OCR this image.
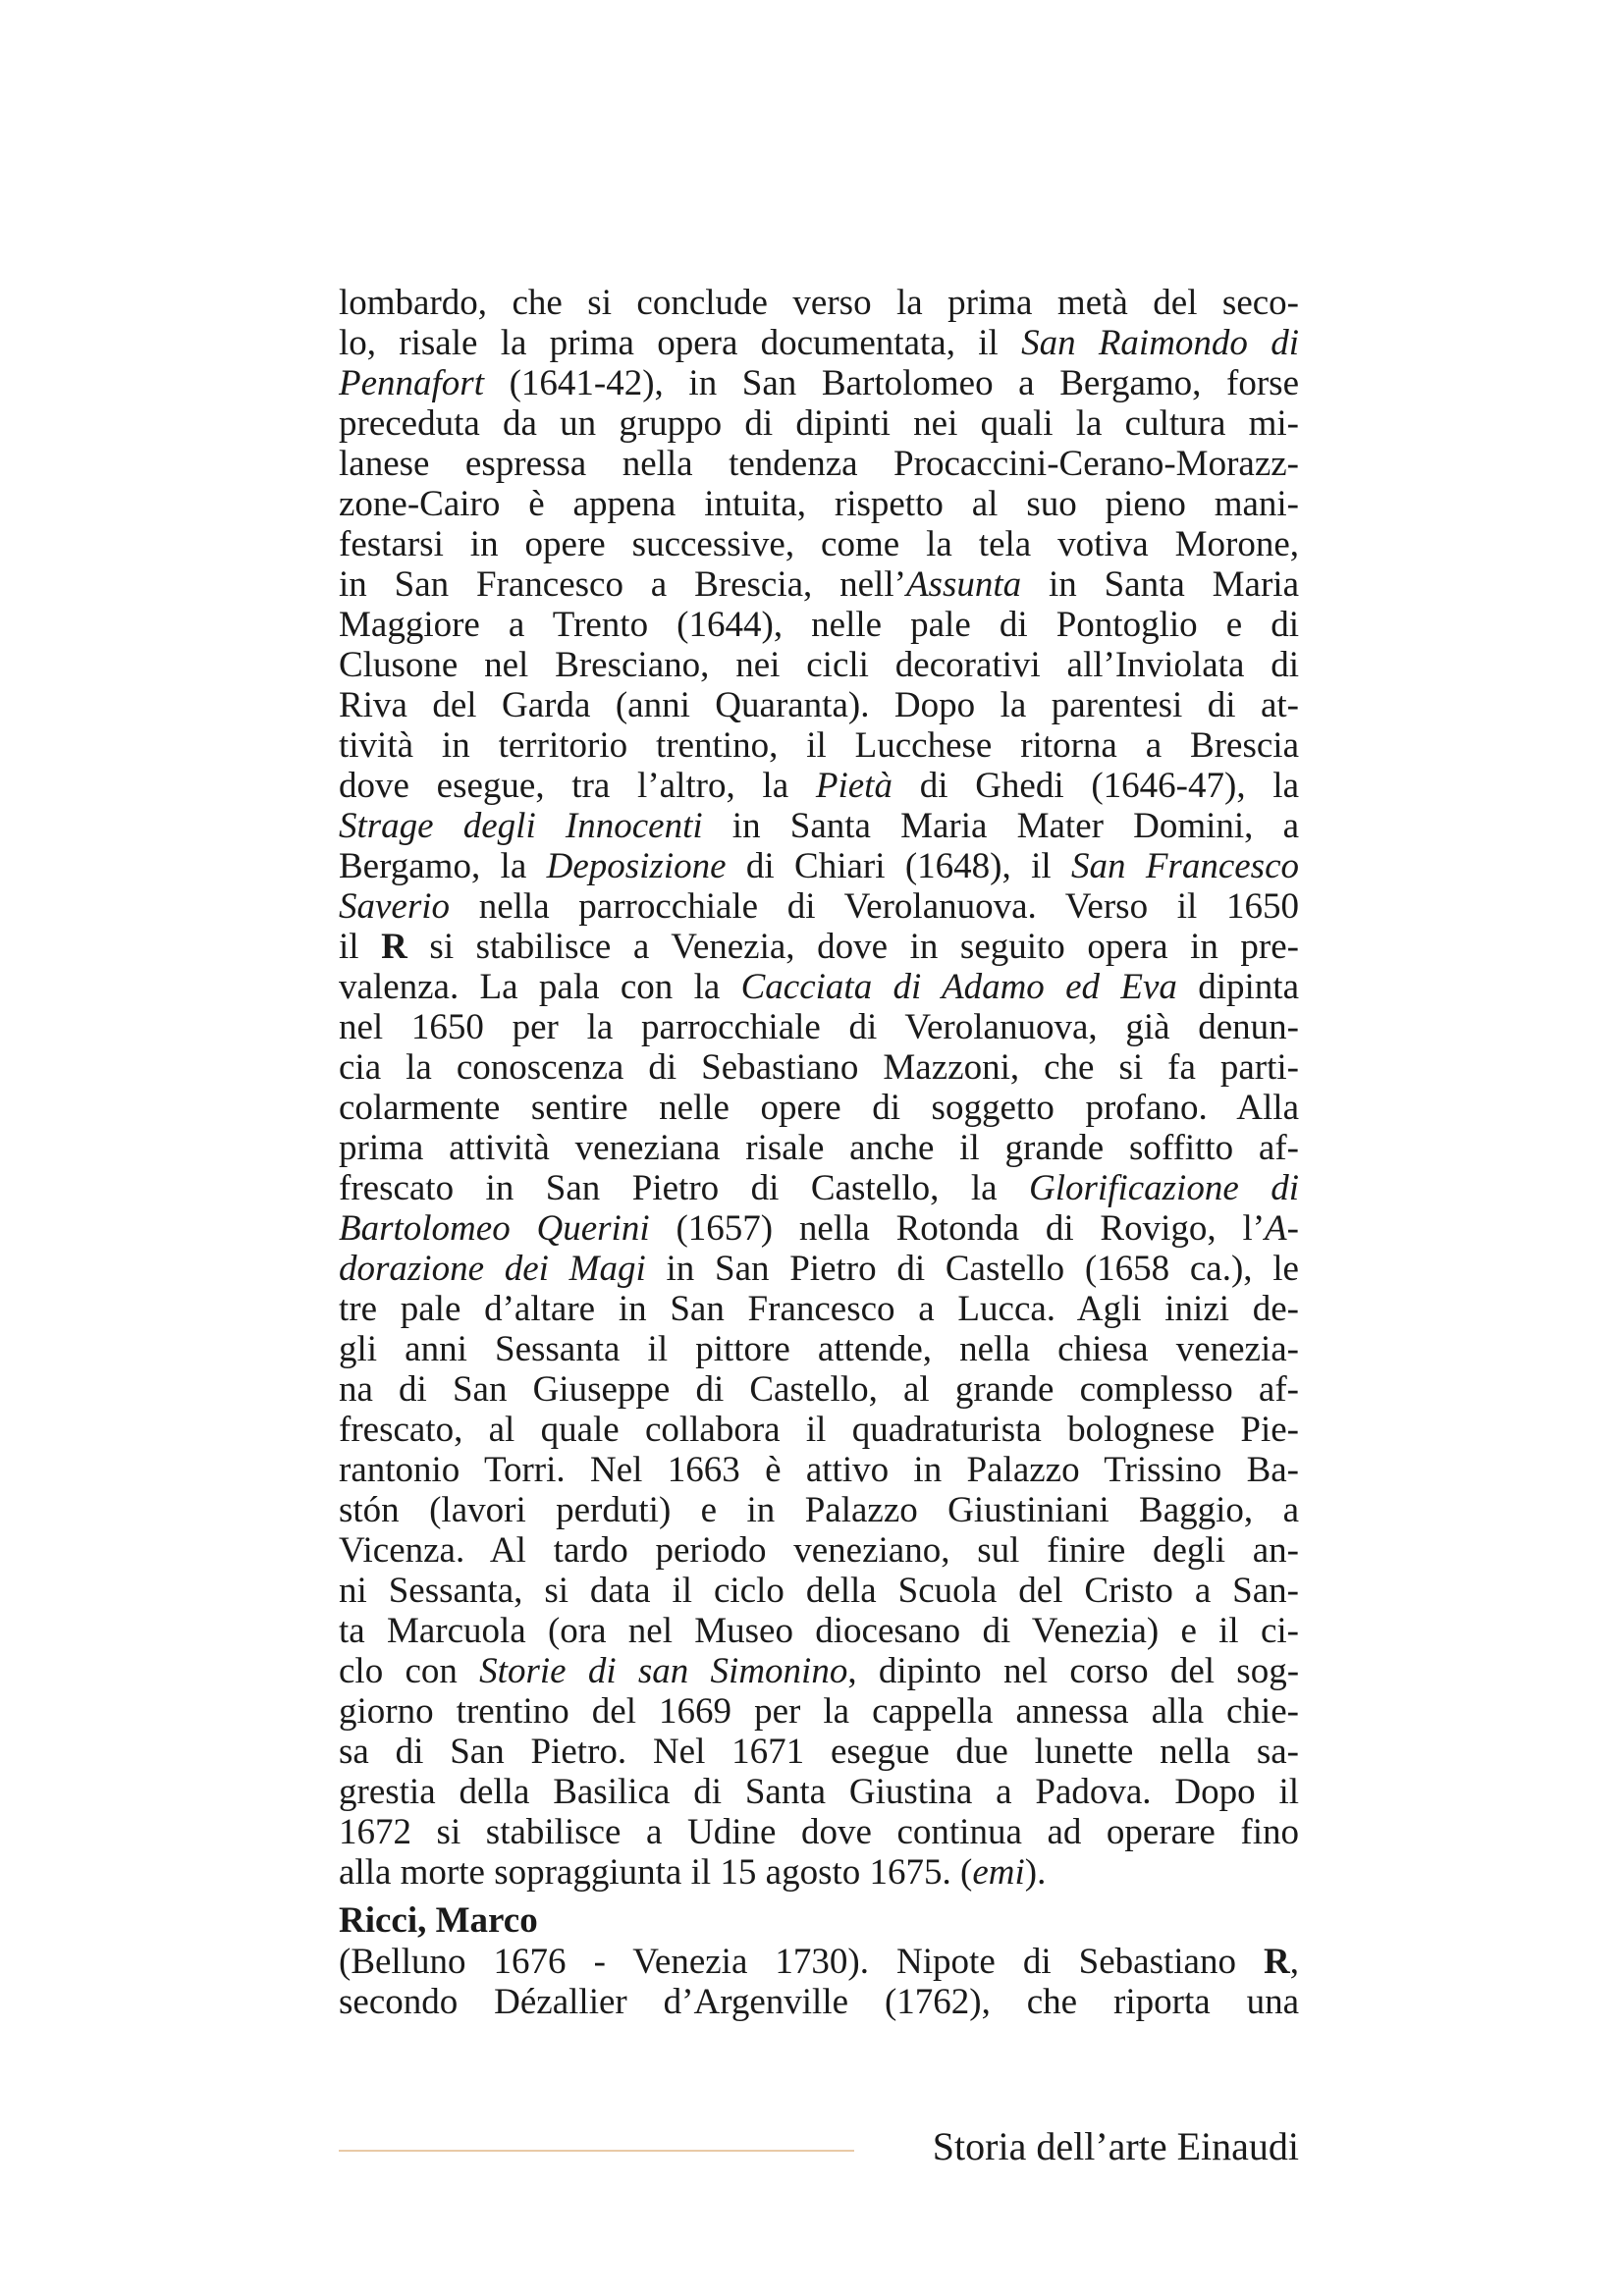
lombardo, che si conclude verso la prima metà del seco-
lo, risale la prima opera documentata, il San Raimondo di
Pennafort (1641-42), in San Bartolomeo a Bergamo, forse
preceduta da un gruppo di dipinti nei quali la cultura mi-
lanese espressa nella tendenza Procaccini-Cerano-Morazz-
zone-Cairo è appena intuita, rispetto al suo pieno mani-
festarsi in opere successive, come la tela votiva Morone,
in San Francesco a Brescia, nell’Assunta in Santa Maria
Maggiore a Trento (1644), nelle pale di Pontoglio e di
Clusone nel Bresciano, nei cicli decorativi all’Inviolata di
Riva del Garda (anni Quaranta). Dopo la parentesi di at-
tività in territorio trentino, il Lucchese ritorna a Brescia
dove esegue, tra l’altro, la Pietà di Ghedi (1646-47), la
Strage degli Innocenti in Santa Maria Mater Domini, a
Bergamo, la Deposizione di Chiari (1648), il San Francesco
Saverio nella parrocchiale di Verolanuova. Verso il 1650
il R si stabilisce a Venezia, dove in seguito opera in pre-
valenza. La pala con la Cacciata di Adamo ed Eva dipinta
nel 1650 per la parrocchiale di Verolanuova, già denun-
cia la conoscenza di Sebastiano Mazzoni, che si fa parti-
colarmente sentire nelle opere di soggetto profano. Alla
prima attività veneziana risale anche il grande soffitto af-
frescato in San Pietro di Castello, la Glorificazione di
Bartolomeo Querini (1657) nella Rotonda di Rovigo, l’A-
dorazione dei Magi in San Pietro di Castello (1658 ca.), le
tre pale d’altare in San Francesco a Lucca. Agli inizi de-
gli anni Sessanta il pittore attende, nella chiesa venezia-
na di San Giuseppe di Castello, al grande complesso af-
frescato, al quale collabora il quadraturista bolognese Pie-
rantonio Torri. Nel 1663 è attivo in Palazzo Trissino Ba-
stón (lavori perduti) e in Palazzo Giustiniani Baggio, a
Vicenza. Al tardo periodo veneziano, sul finire degli an-
ni Sessanta, si data il ciclo della Scuola del Cristo a San-
ta Marcuola (ora nel Museo diocesano di Venezia) e il ci-
clo con Storie di san Simonino, dipinto nel corso del sog-
giorno trentino del 1669 per la cappella annessa alla chie-
sa di San Pietro. Nel 1671 esegue due lunette nella sa-
grestia della Basilica di Santa Giustina a Padova. Dopo il
1672 si stabilisce a Udine dove continua ad operare fino
alla morte sopraggiunta il 15 agosto 1675. (emi).
Ricci, Marco
(Belluno 1676 - Venezia 1730). Nipote di Sebastiano R,
secondo Dézallier d’Argenville (1762), che riporta una
Storia dell’arte Einaudi
